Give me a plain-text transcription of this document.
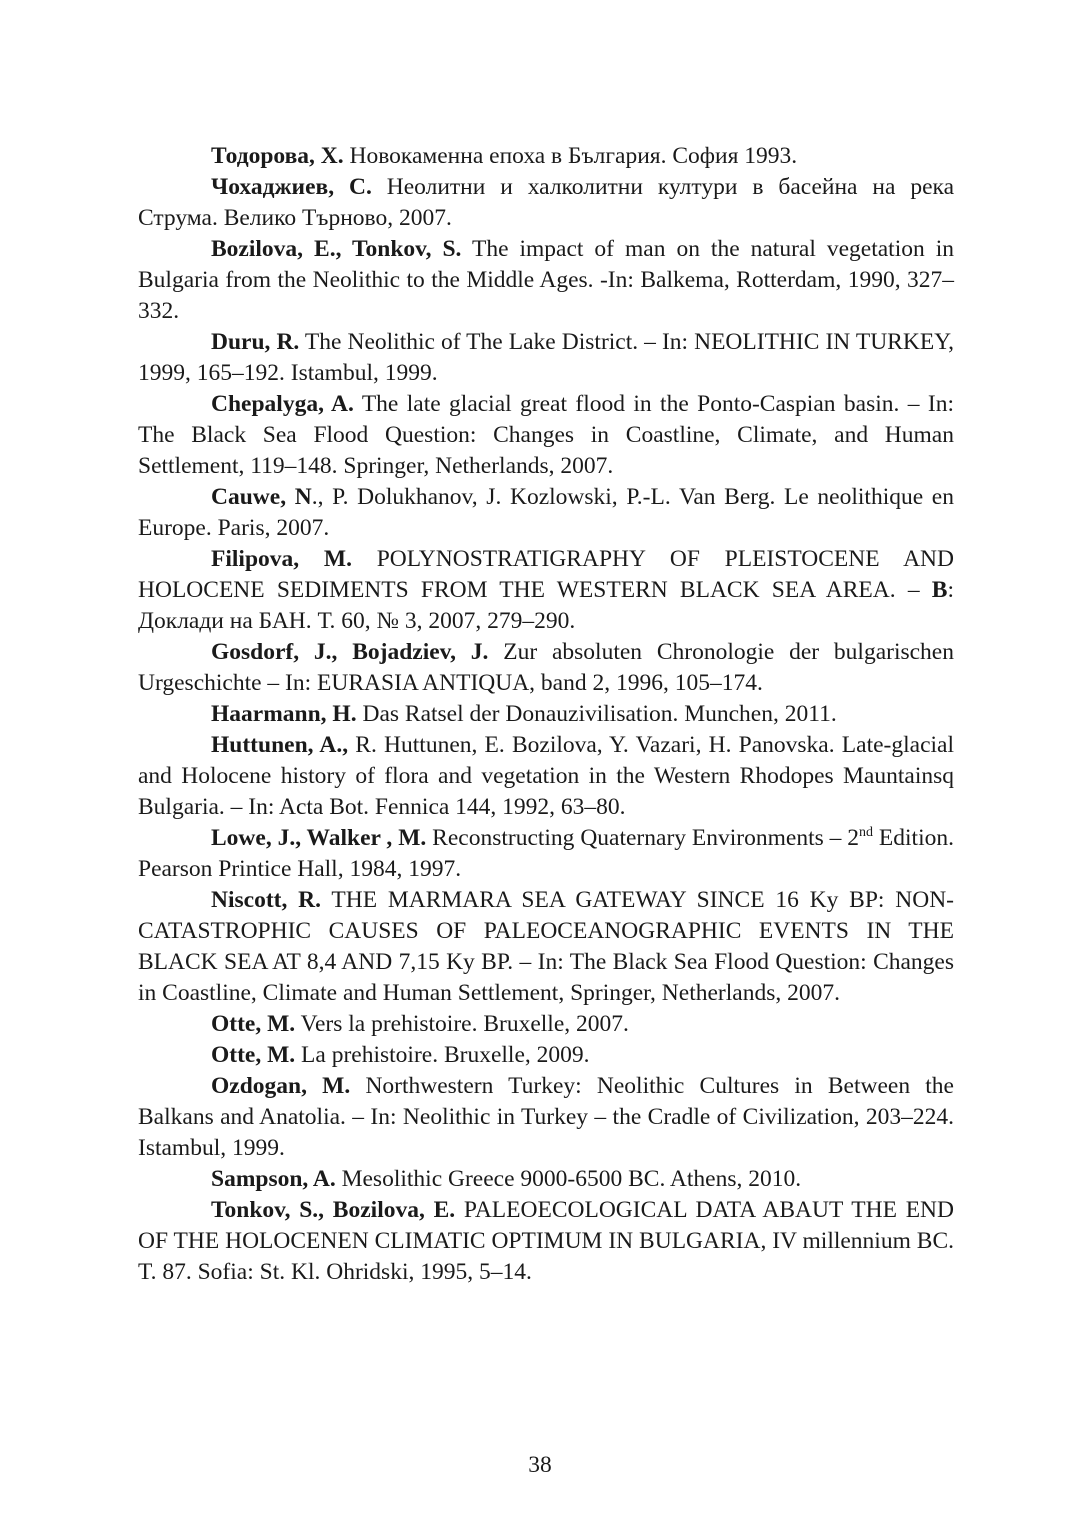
Тодорова, Х. Новокаменна епоха в България. София 1993.

Чохаджиев, С. Неолитни и халколитни култури в басейна на река Струма. Велико Търново, 2007.

Bozilova, E., Tonkov, S. The impact of man on the natural vegetation in Bulgaria from the Neolithic to the Middle Ages. -In: Balkema, Rotterdam, 1990, 327–332.

Duru, R. The Neolithic of The Lake District. – In: NEOLITHIC IN TURKEY, 1999, 165–192. Istambul, 1999.

Chepalyga, A. The late glacial great flood in the Ponto-Caspian basin. – In: The Black Sea Flood Question: Changes in Coastline, Climate, and Human Settlement, 119–148. Springer, Netherlands, 2007.

Cauwe, N., P. Dolukhanov, J. Kozlowski, P.-L. Van Berg. Le neolithique en Europe. Paris, 2007.

Filipova, M. POLYNOSTRATIGRAPHY OF PLEISTOCENE AND HOLOCENE SEDIMENTS FROM THE WESTERN BLACK SEA AREA. – B: Доклади на БАН. Т. 60, № 3, 2007, 279–290.

Gosdorf, J., Bojadziev, J. Zur absoluten Chronologie der bulgarischen Urgeschichte – In: EURASIA ANTIQUA, band 2, 1996, 105–174.

Haarmann, H. Das Ratsel der Donauzivilisation. Munchen, 2011.

Huttunen, A., R. Huttunen, E. Bozilova, Y. Vazari, H. Panovska. Late-glacial and Holocene history of flora and vegetation in the Western Rhodopes Mauntainsq Bulgaria. – In: Acta Bot. Fennica 144, 1992, 63–80.

Lowe, J., Walker , M. Reconstructing Quaternary Environments – 2nd Edition. Pearson Printice Hall, 1984, 1997.

Niscott, R. THE MARMARA SEA GATEWAY SINCE 16 Ky BP: NON-CATASTROPHIC CAUSES OF PALEOCEANOGRAPHIC EVENTS IN THE BLACK SEA AT 8,4 AND 7,15 Ky BP. – In: The Black Sea Flood Question: Changes in Coastline, Climate and Human Settlement, Springer, Netherlands, 2007.

Otte, M. Vers la prehistoire. Bruxelle, 2007.

Otte, M. La prehistoire. Bruxelle, 2009.

Ozdogan, M. Northwestern Turkey: Neolithic Cultures in Between the Balkans and Anatolia. – In: Neolithic in Turkey – the Cradle of Civilization, 203–224. Istambul, 1999.

Sampson, A. Mesolithic Greece 9000-6500 BC. Athens, 2010.

Tonkov, S., Bozilova, E. PALEOECOLOGICAL DATA ABAUT THE END OF THE HOLOCENEN CLIMATIC OPTIMUM IN BULGARIA, IV millennium BC. T. 87. Sofia: St. Kl. Ohridski, 1995, 5–14.

38
